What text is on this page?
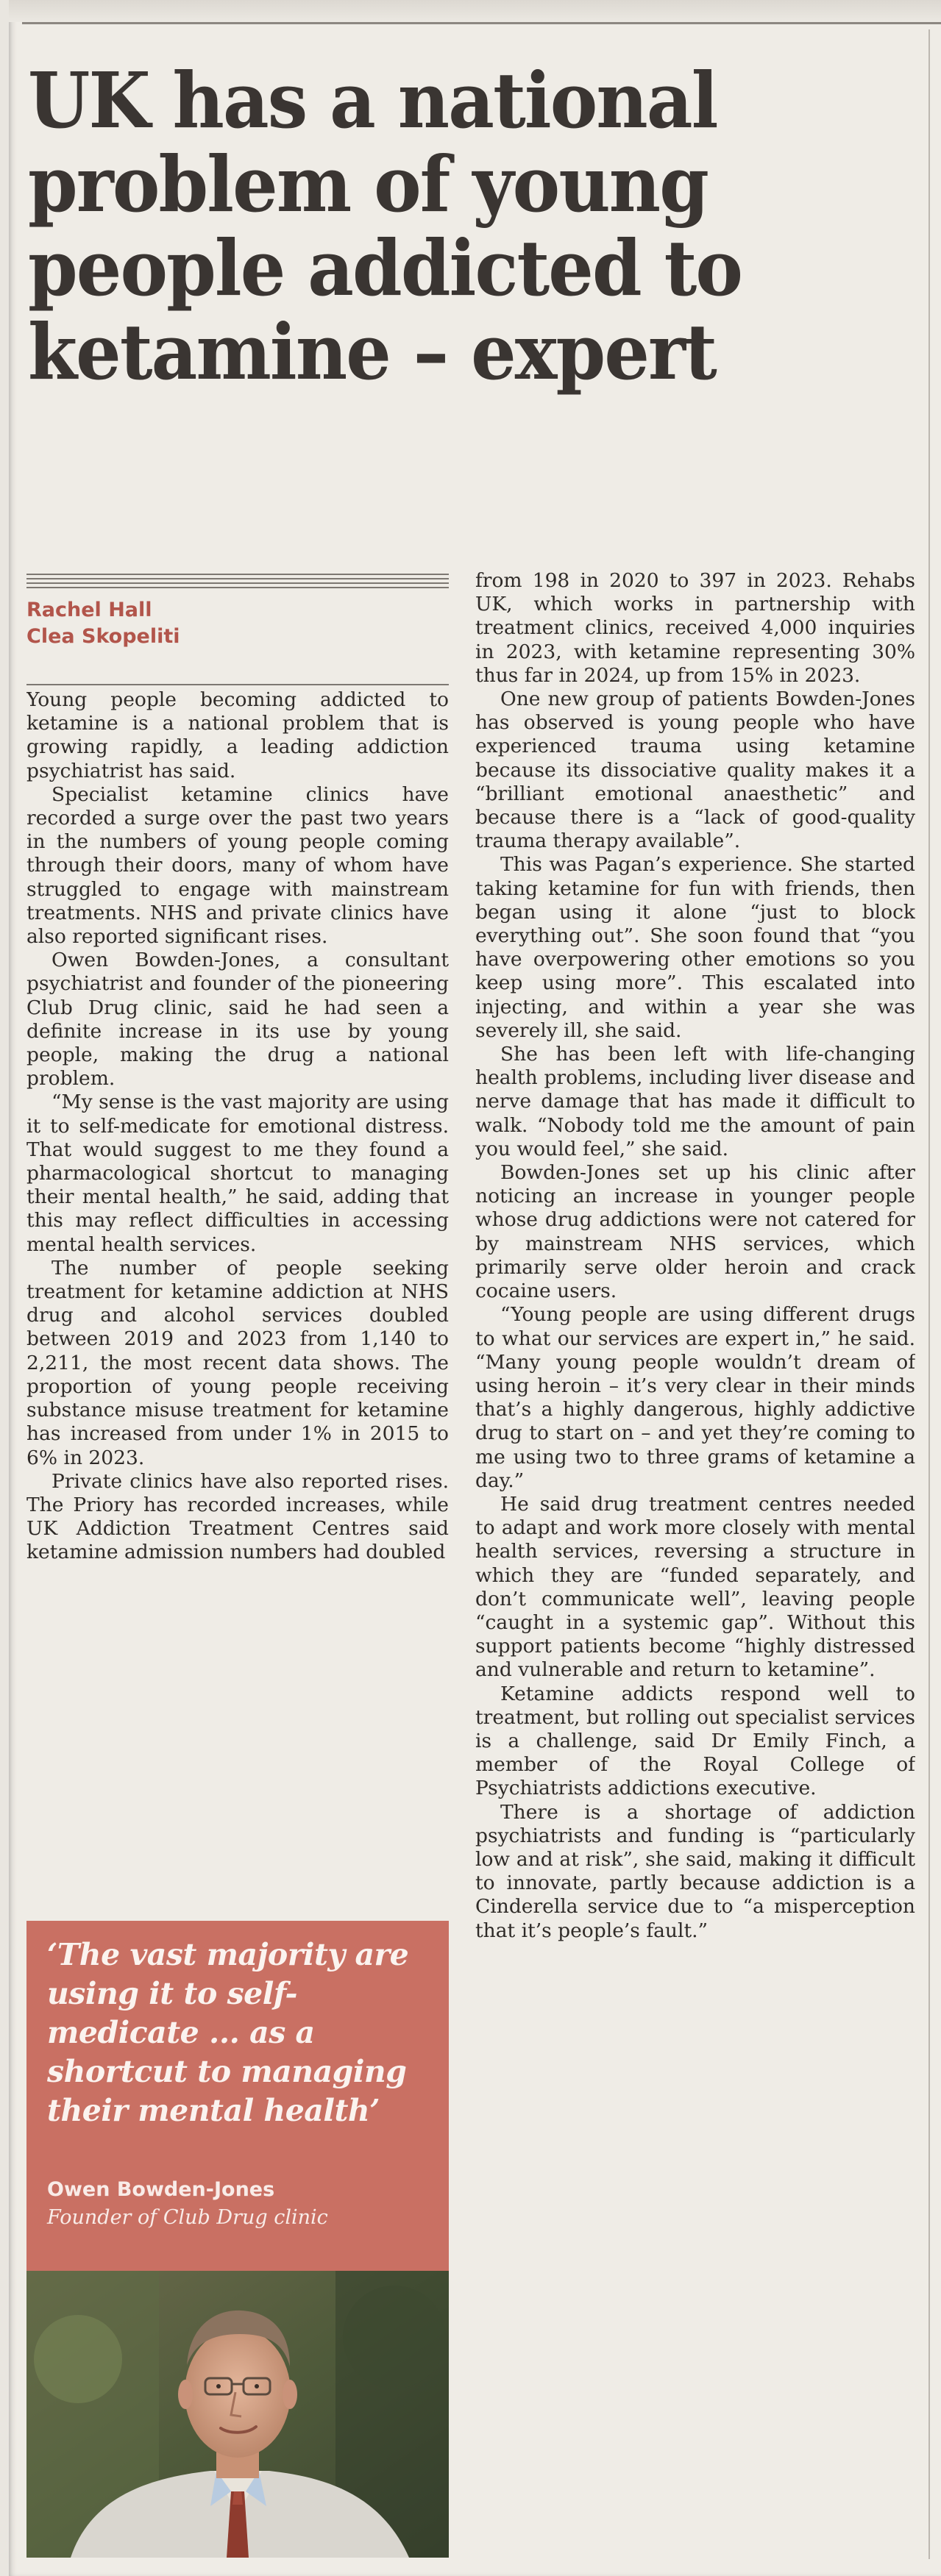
UK has a national problem of young people addicted to ketamine – expert
Rachel Hall
Clea Skopeliti

Young people becoming addicted to ketamine is a national problem that is growing rapidly, a leading addiction psychiatrist has said.

Specialist ketamine clinics have recorded a surge over the past two years in the numbers of young people coming through their doors, many of whom have struggled to engage with mainstream treatments. NHS and private clinics have also reported significant rises.

Owen Bowden-Jones, a consultant psychiatrist and founder of the pioneering Club Drug clinic, said he had seen a definite increase in its use by young people, making the drug a national problem.

“My sense is the vast majority are using it to self-medicate for emotional distress. That would suggest to me they found a pharmacological shortcut to managing their mental health,” he said, adding that this may reflect difficulties in accessing mental health services.

The number of people seeking treatment for ketamine addiction at NHS drug and alcohol services doubled between 2019 and 2023 from 1,140 to 2,211, the most recent data shows. The proportion of young people receiving substance misuse treatment for ketamine has increased from under 1% in 2015 to 6% in 2023.

Private clinics have also reported rises. The Priory has recorded increases, while UK Addiction Treatment Centres said ketamine admission numbers had doubled

‘The vast majority are using it to self-medicate ... as a shortcut to managing their mental health’
Owen Bowden-Jones
Founder of Club Drug clinic

from 198 in 2020 to 397 in 2023. Rehabs UK, which works in partnership with treatment clinics, received 4,000 inquiries in 2023, with ketamine representing 30% thus far in 2024, up from 15% in 2023.

One new group of patients Bowden-Jones has observed is young people who have experienced trauma using ketamine because its dissociative quality makes it a “brilliant emotional anaesthetic” and because there is a “lack of good-quality trauma therapy available”.

This was Pagan’s experience. She started taking ketamine for fun with friends, then began using it alone “just to block everything out”. She soon found that “you have overpowering other emotions so you keep using more”. This escalated into injecting, and within a year she was severely ill, she said.

She has been left with life-changing health problems, including liver disease and nerve damage that has made it difficult to walk. “Nobody told me the amount of pain you would feel,” she said.

Bowden-Jones set up his clinic after noticing an increase in younger people whose drug addictions were not catered for by mainstream NHS services, which primarily serve older heroin and crack cocaine users.

“Young people are using different drugs to what our services are expert in,” he said. “Many young people wouldn’t dream of using heroin – it’s very clear in their minds that’s a highly dangerous, highly addictive drug to start on – and yet they’re coming to me using two to three grams of ketamine a day.”

He said drug treatment centres needed to adapt and work more closely with mental health services, reversing a structure in which they are “funded separately, and don’t communicate well”, leaving people “caught in a systemic gap”. Without this support patients become “highly distressed and vulnerable and return to ketamine”.

Ketamine addicts respond well to treatment, but rolling out specialist services is a challenge, said Dr Emily Finch, a member of the Royal College of Psychiatrists addictions executive.

There is a shortage of addiction psychiatrists and funding is “particularly low and at risk”, she said, making it difficult to innovate, partly because addiction is a Cinderella service due to “a misperception that it’s people’s fault.”
